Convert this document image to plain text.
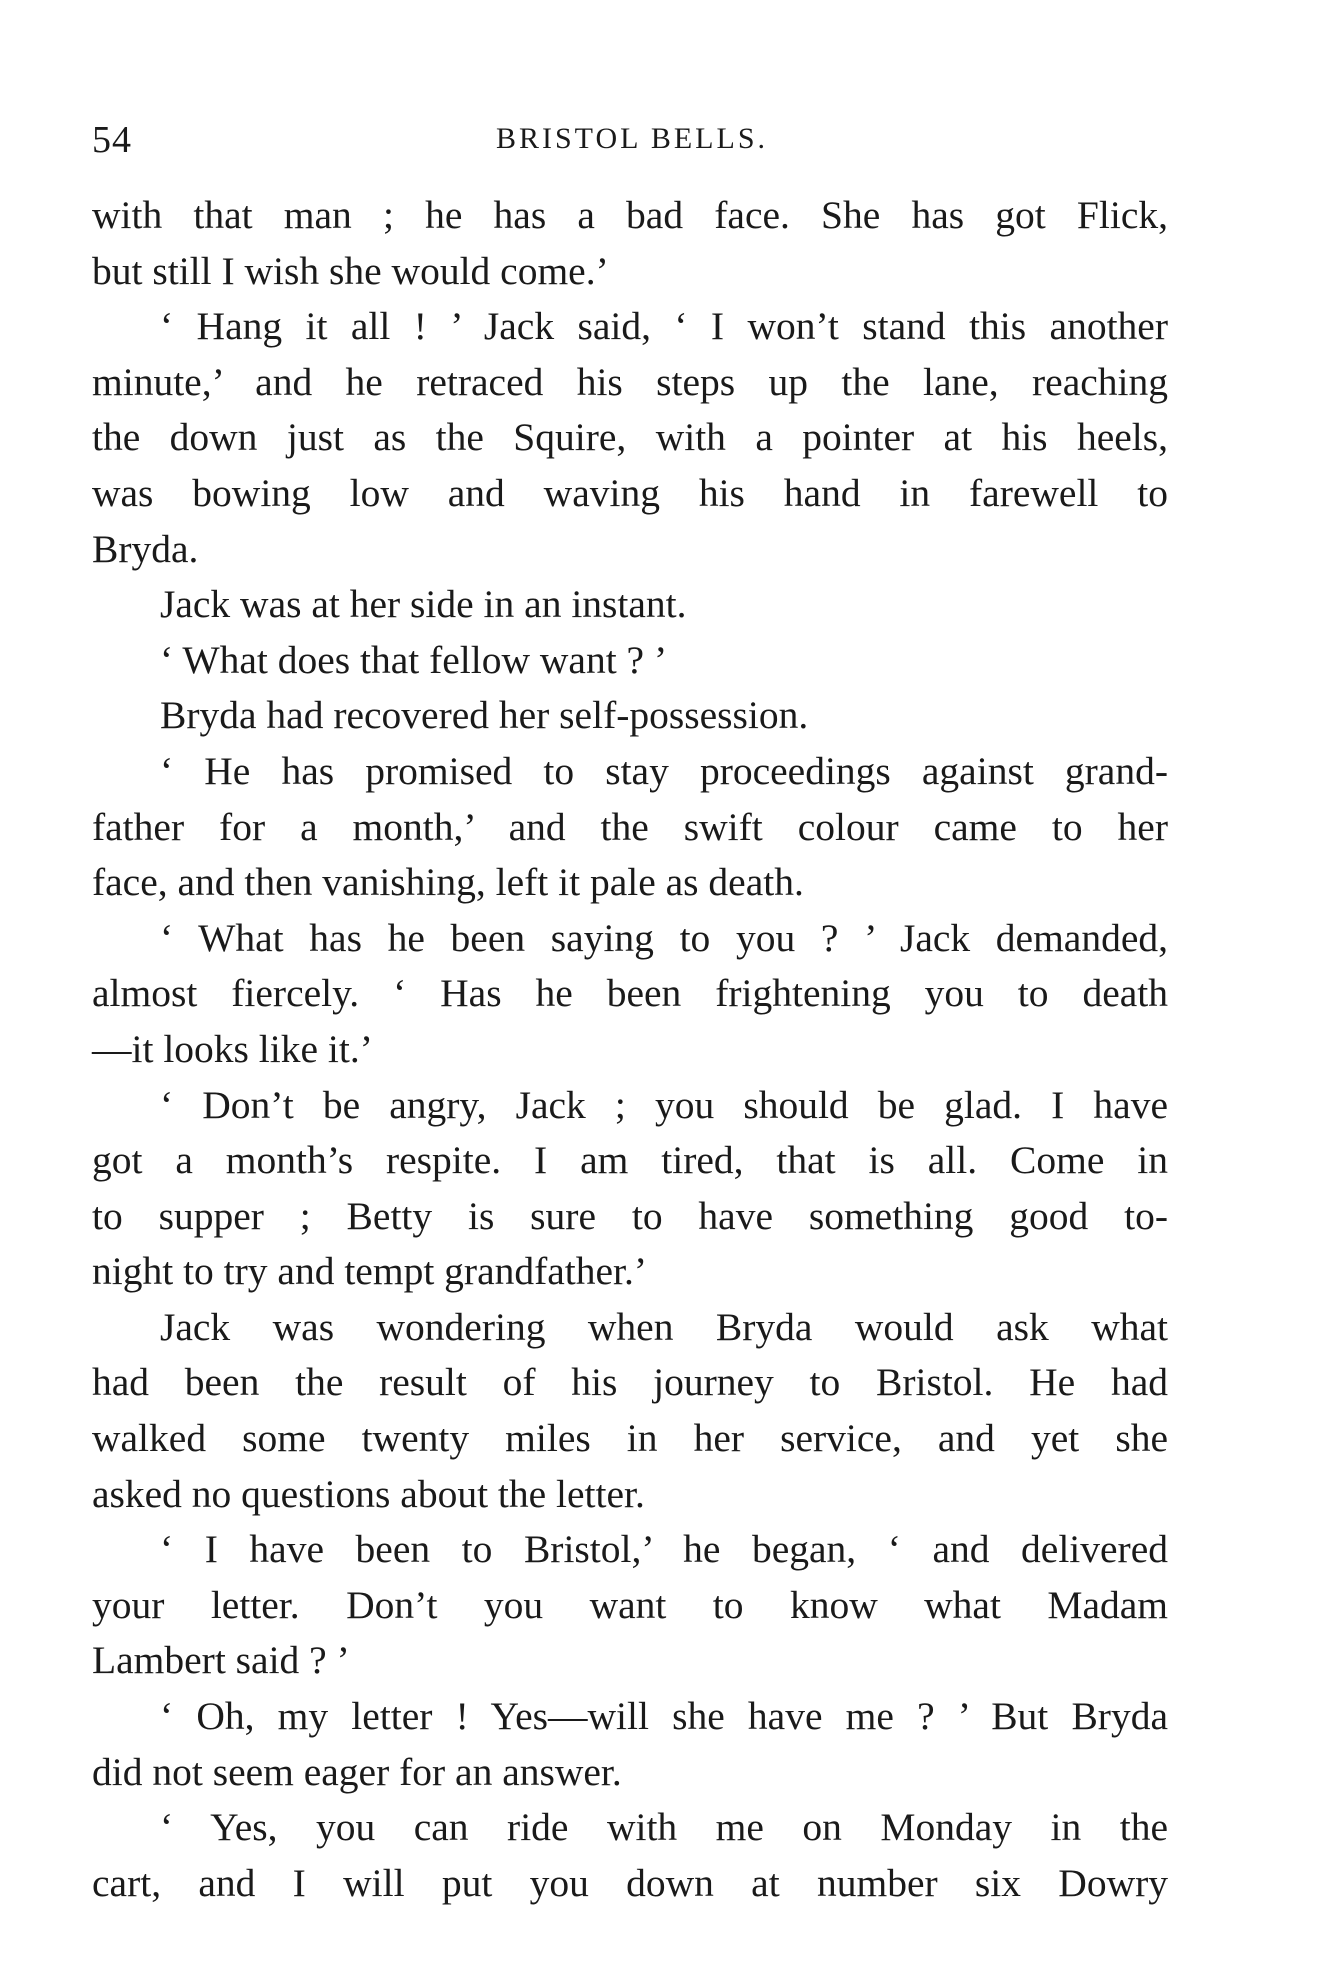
54	BRISTOL BELLS.
with that man ; he has a bad face. She has got Flick,
but still I wish she would come.’
‘ Hang it all ! ’ Jack said, ‘ I won’t stand this another
minute,’ and he retraced his steps up the lane, reaching
the down just as the Squire, with a pointer at his heels,
was bowing low and waving his hand in farewell to
Bryda.
Jack was at her side in an instant.
‘ What does that fellow want ? ’
Bryda had recovered her self-possession.
‘ He has promised to stay proceedings against grand-
father for a month,’ and the swift colour came to her
face, and then vanishing, left it pale as death.
‘ What has he been saying to you ? ’ Jack demanded,
almost fiercely. ‘ Has he been frightening you to death
—it looks like it.’
‘ Don’t be angry, Jack ; you should be glad. I have
got a month’s respite. I am tired, that is all. Come in
to supper ; Betty is sure to have something good to-
night to try and tempt grandfather.’
Jack was wondering when Bryda would ask what
had been the result of his journey to Bristol. He had
walked some twenty miles in her service, and yet she
asked no questions about the letter.
‘ I have been to Bristol,’ he began, ‘ and delivered
your letter. Don’t you want to know what Madam
Lambert said ? ’
‘ Oh, my letter ! Yes—will she have me ? ’ But Bryda
did not seem eager for an answer.
‘ Yes, you can ride with me on Monday in the
cart, and I will put you down at number six Dowry
